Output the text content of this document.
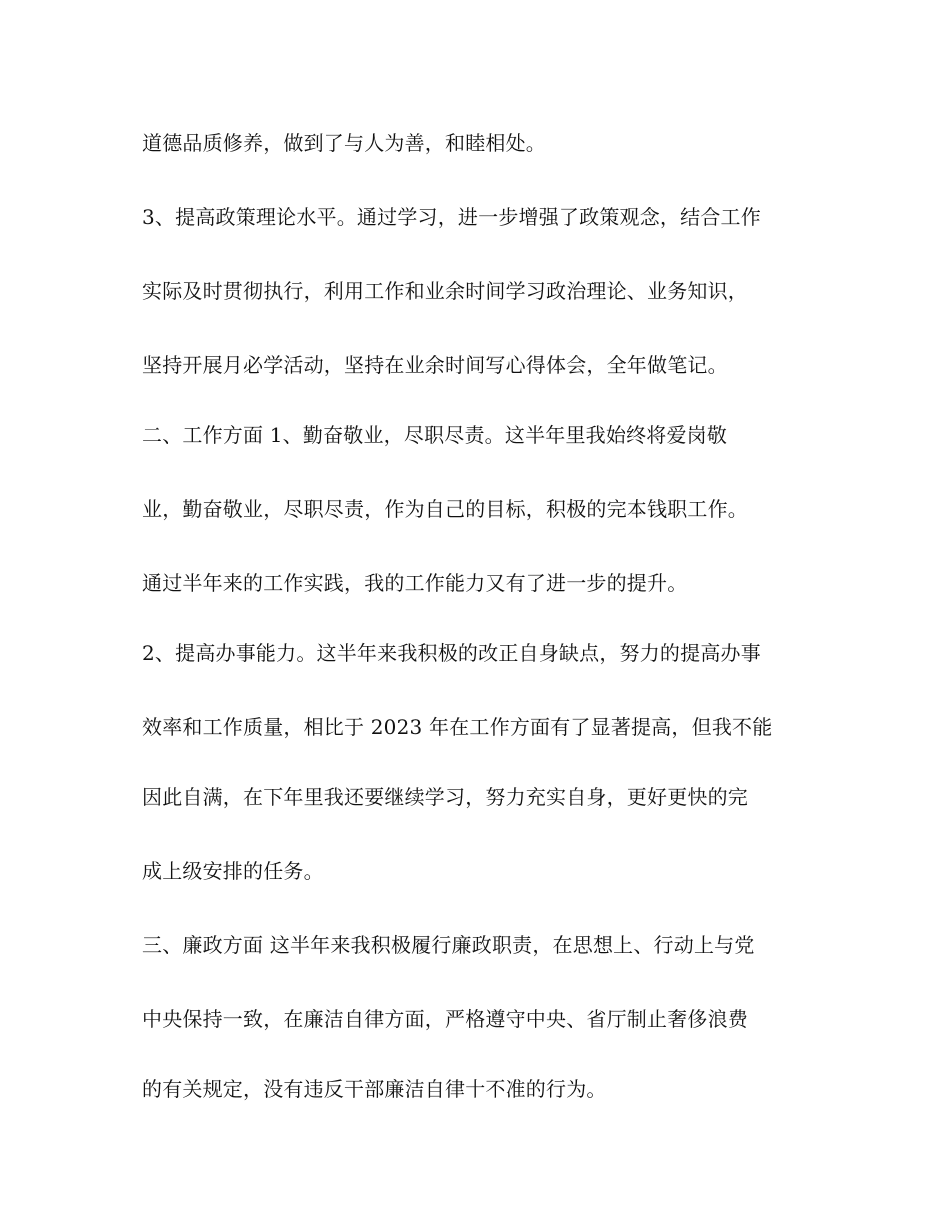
道德品质修养，做到了与人为善，和睦相处。
3、提高政策理论水平。通过学习，进一步增强了政策观念，结合工作
实际及时贯彻执行，利用工作和业余时间学习政治理论、业务知识，
坚持开展月必学活动，坚持在业余时间写心得体会，全年做笔记。
二、工作方面 1、勤奋敬业，尽职尽责。这半年里我始终将爱岗敬
业，勤奋敬业，尽职尽责，作为自己的目标，积极的完本钱职工作。
通过半年来的工作实践，我的工作能力又有了进一步的提升。
2、提高办事能力。这半年来我积极的改正自身缺点，努力的提高办事
效率和工作质量，相比于 2023 年在工作方面有了显著提高，但我不能
因此自满，在下年里我还要继续学习，努力充实自身，更好更快的完
成上级安排的任务。
三、廉政方面 这半年来我积极履行廉政职责，在思想上、行动上与党
中央保持一致，在廉洁自律方面，严格遵守中央、省厅制止奢侈浪费
的有关规定，没有违反干部廉洁自律十不准的行为。
